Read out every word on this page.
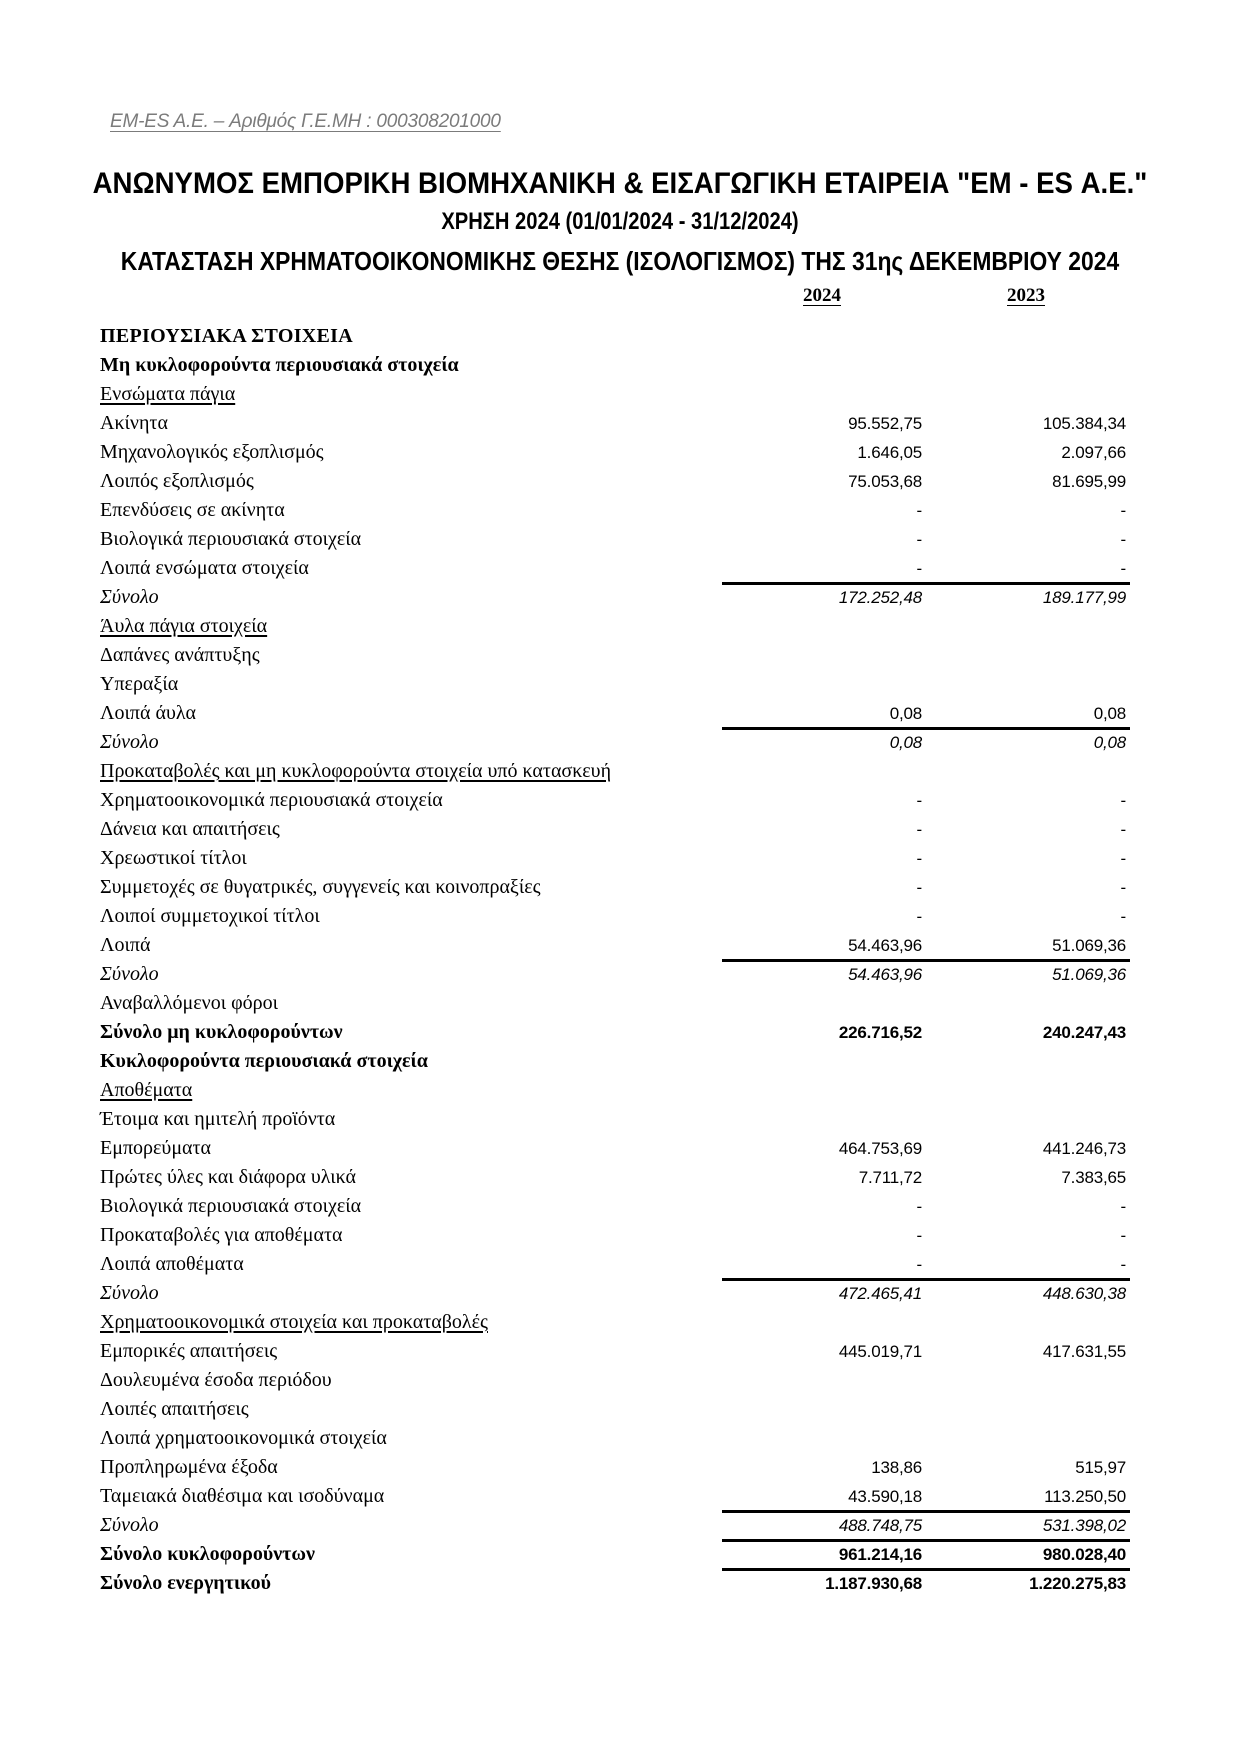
EM-ES A.E. – Αριθμός Γ.Ε.ΜΗ : 000308201000
ΑΝΩΝΥΜΟΣ ΕΜΠΟΡΙΚΗ ΒΙΟΜΗΧΑΝΙΚΗ & ΕΙΣΑΓΩΓΙΚΗ ΕΤΑΙΡΕΙΑ "ΕΜ - ES Α.Ε."
ΧΡΗΣΗ 2024 (01/01/2024 - 31/12/2024)
ΚΑΤΑΣΤΑΣΗ ΧΡΗΜΑΤΟΟΙΚΟΝΟΜΙΚΗΣ ΘΕΣΗΣ (ΙΣΟΛΟΓΙΣΜΟΣ) ΤΗΣ 31ης ΔΕΚΕΜΒΡΙΟΥ 2024
2024	2023
ΠΕΡΙΟΥΣΙΑΚΑ ΣΤΟΙΧΕΙΑ
Μη κυκλοφορούντα περιουσιακά στοιχεία
Ενσώματα πάγια
Ακίνητα	95.552,75	105.384,34
Μηχανολογικός εξοπλισμός	1.646,05	2.097,66
Λοιπός εξοπλισμός	75.053,68	81.695,99
Επενδύσεις σε ακίνητα	-	-
Βιολογικά περιουσιακά στοιχεία	-	-
Λοιπά ενσώματα στοιχεία	-	-
Σύνολο	172.252,48	189.177,99
Άυλα πάγια στοιχεία
Δαπάνες ανάπτυξης
Υπεραξία
Λοιπά άυλα	0,08	0,08
Σύνολο	0,08	0,08
Προκαταβολές και μη κυκλοφορούντα στοιχεία υπό κατασκευή
Χρηματοοικονομικά περιουσιακά στοιχεία	-	-
Δάνεια και απαιτήσεις	-	-
Χρεωστικοί τίτλοι	-	-
Συμμετοχές σε θυγατρικές, συγγενείς και κοινοπραξίες	-	-
Λοιποί συμμετοχικοί τίτλοι	-	-
Λοιπά	54.463,96	51.069,36
Σύνολο	54.463,96	51.069,36
Αναβαλλόμενοι φόροι
Σύνολο μη κυκλοφορούντων	226.716,52	240.247,43
Κυκλοφορούντα περιουσιακά στοιχεία
Αποθέματα
Έτοιμα και ημιτελή προϊόντα
Εμπορεύματα	464.753,69	441.246,73
Πρώτες ύλες και διάφορα υλικά	7.711,72	7.383,65
Βιολογικά περιουσιακά στοιχεία	-	-
Προκαταβολές για αποθέματα	-	-
Λοιπά αποθέματα	-	-
Σύνολο	472.465,41	448.630,38
Χρηματοοικονομικά στοιχεία και προκαταβολές
Εμπορικές απαιτήσεις	445.019,71	417.631,55
Δουλευμένα έσοδα περιόδου
Λοιπές απαιτήσεις
Λοιπά χρηματοοικονομικά στοιχεία
Προπληρωμένα έξοδα	138,86	515,97
Ταμειακά διαθέσιμα και ισοδύναμα	43.590,18	113.250,50
Σύνολο	488.748,75	531.398,02
Σύνολο κυκλοφορούντων	961.214,16	980.028,40
Σύνολο ενεργητικού	1.187.930,68	1.220.275,83
